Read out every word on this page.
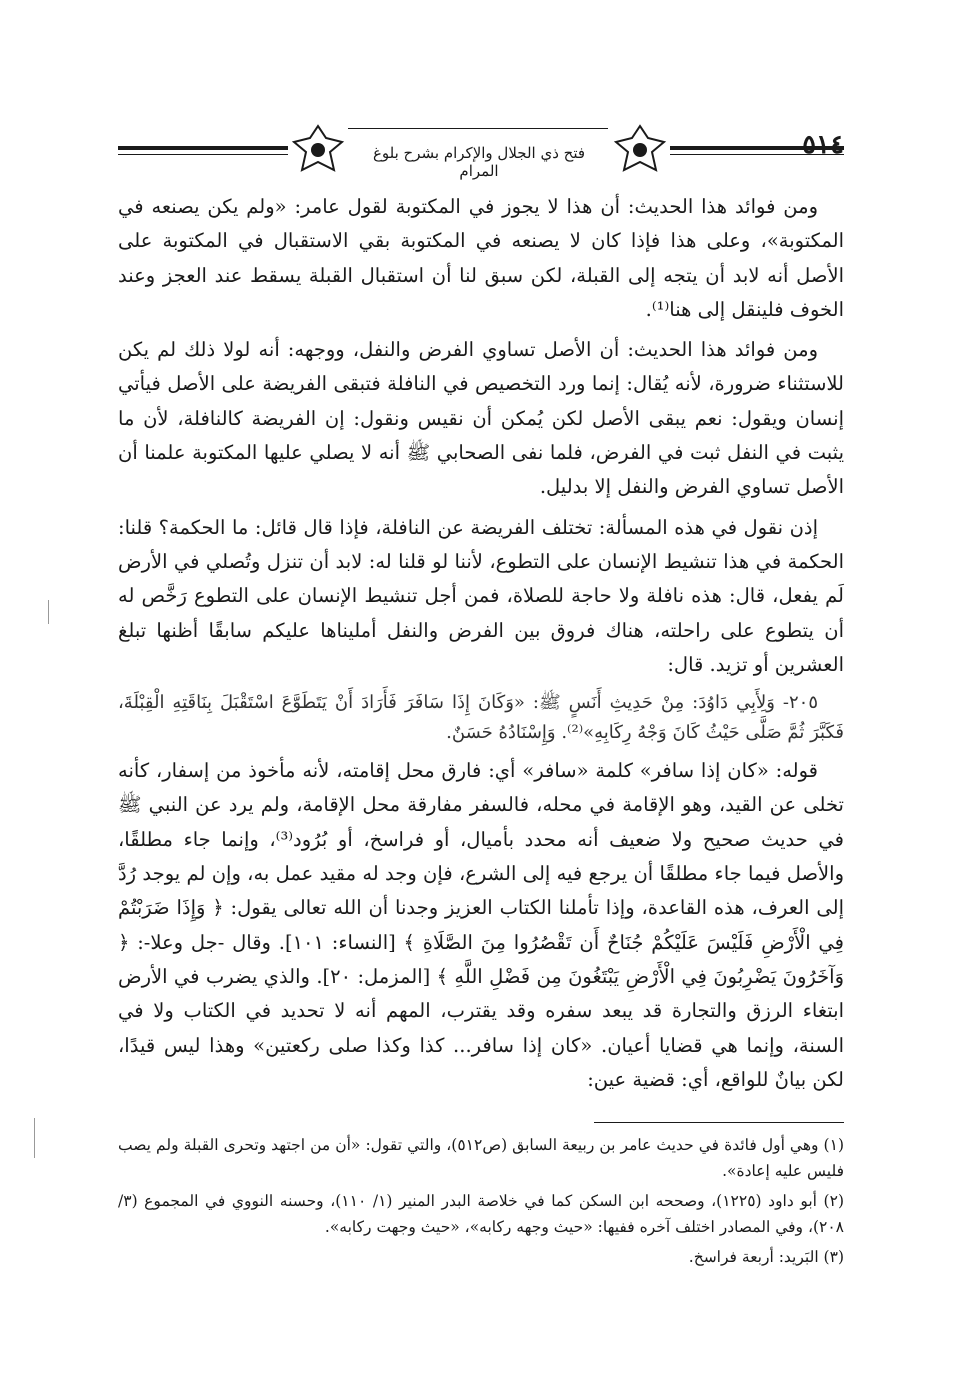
فتح ذي الجلال والإكرام بشرح بلوغ المرام
٥١٤

ومن فوائد هذا الحديث: أن هذا لا يجوز في المكتوبة لقول عامر: «ولم يكن يصنعه في المكتوبة»، وعلى هذا فإذا كان لا يصنعه في المكتوبة بقي الاستقبال في المكتوبة على الأصل أنه لابد أن يتجه إلى القبلة، لكن سبق لنا أن استقبال القبلة يسقط عند العجز وعند الخوف فلينقل إلى هنا⁽¹⁾.

ومن فوائد هذا الحديث: أن الأصل تساوي الفرض والنفل، ووجهه: أنه لولا ذلك لم يكن للاستثناء ضرورة، لأنه يُقال: إنما ورد التخصيص في النافلة فتبقى الفريضة على الأصل فيأتي إنسان ويقول: نعم يبقى الأصل لكن يُمكن أن نقيس ونقول: إن الفريضة كالنافلة، لأن ما يثبت في النفل ثبت في الفرض، فلما نفى الصحابي ﷺ أنه لا يصلي عليها المكتوبة علمنا أن الأصل تساوي الفرض والنفل إلا بدليل.

إذن نقول في هذه المسألة: تختلف الفريضة عن النافلة، فإذا قال قائل: ما الحكمة؟ قلنا: الحكمة في هذا تنشيط الإنسان على التطوع، لأننا لو قلنا له: لابد أن تنزل وتُصلي في الأرض لَم يفعل، قال: هذه نافلة ولا حاجة للصلاة، فمن أجل تنشيط الإنسان على التطوع رَخَّص له أن يتطوع على راحلته، هناك فروق بين الفرض والنفل أمليناها عليكم سابقًا أظنها تبلغ العشرين أو تزيد. قال:

٢٠٥- وَلِأَبِي دَاوُدَ: مِنْ حَدِيثِ أَنَسٍ ﷺ: «وَكَانَ إِذَا سَافَرَ فَأَرَادَ أَنْ يَتَطَوَّعَ اسْتَقْبَلَ بِنَاقَتِهِ الْقِبْلَةَ، فَكَبَّرَ ثُمَّ صَلَّى حَيْثُ كَانَ وَجْهُ رِكَابِهِ»⁽²⁾. وَإِسْنَادُهُ حَسَنٌ.

قوله: «كان إذا سافر» كلمة «سافر» أي: فارق محل إقامته، لأنه مأخوذ من إسفار، كأنه تخلى عن القيد، وهو الإقامة في محله، فالسفر مفارقة محل الإقامة، ولم يرد عن النبي ﷺ في حديث صحيح ولا ضعيف أنه محدد بأميال، أو فراسخ، أو بُرُود⁽³⁾، وإنما جاء مطلقًا، والأصل فيما جاء مطلقًا أن يرجع فيه إلى الشرع، فإن وجد له مقيد عمل به، وإن لم يوجد رُدَّ إلى العرف، هذه القاعدة، وإذا تأملنا الكتاب العزيز وجدنا أن الله تعالى يقول: ﴿ وَإِذَا ضَرَبْتُمْ فِي الْأَرْضِ فَلَيْسَ عَلَيْكُمْ جُنَاحٌ أَن تَقْصُرُوا مِنَ الصَّلَاةِ ﴾ [النساء: ١٠١]. وقال -جل وعلا-: ﴿ وَآخَرُونَ يَضْرِبُونَ فِي الْأَرْضِ يَبْتَغُونَ مِن فَضْلِ اللَّهِ ﴾ [المزمل: ٢٠]. والذي يضرب في الأرض ابتغاء الرزق والتجارة قد يبعد سفره وقد يقترب، المهم أنه لا تحديد في الكتاب ولا في السنة، وإنما هي قضايا أعيان. «كان إذا سافر... كذا وكذا صلى ركعتين» وهذا ليس قيدًا، لكن بيانٌ للواقع، أي: قضية عين:

(١) وهي أول فائدة في حديث عامر بن ربيعة السابق (ص٥١٢)، والتي تقول: «أن من اجتهد وتحرى القبلة ولم يصب فليس عليه إعادة».

(٢) أبو داود (١٢٢٥)، وصححه ابن السكن كما في خلاصة البدر المنير (١/ ١١٠)، وحسنه النووي في المجموع (٣/ ٢٠٨)، وفي المصادر اختلف آخره ففيها: «حيث وجهه ركابه»، «حيث وجهت ركابه».

(٣) البَريد: أربعة فراسخ.
